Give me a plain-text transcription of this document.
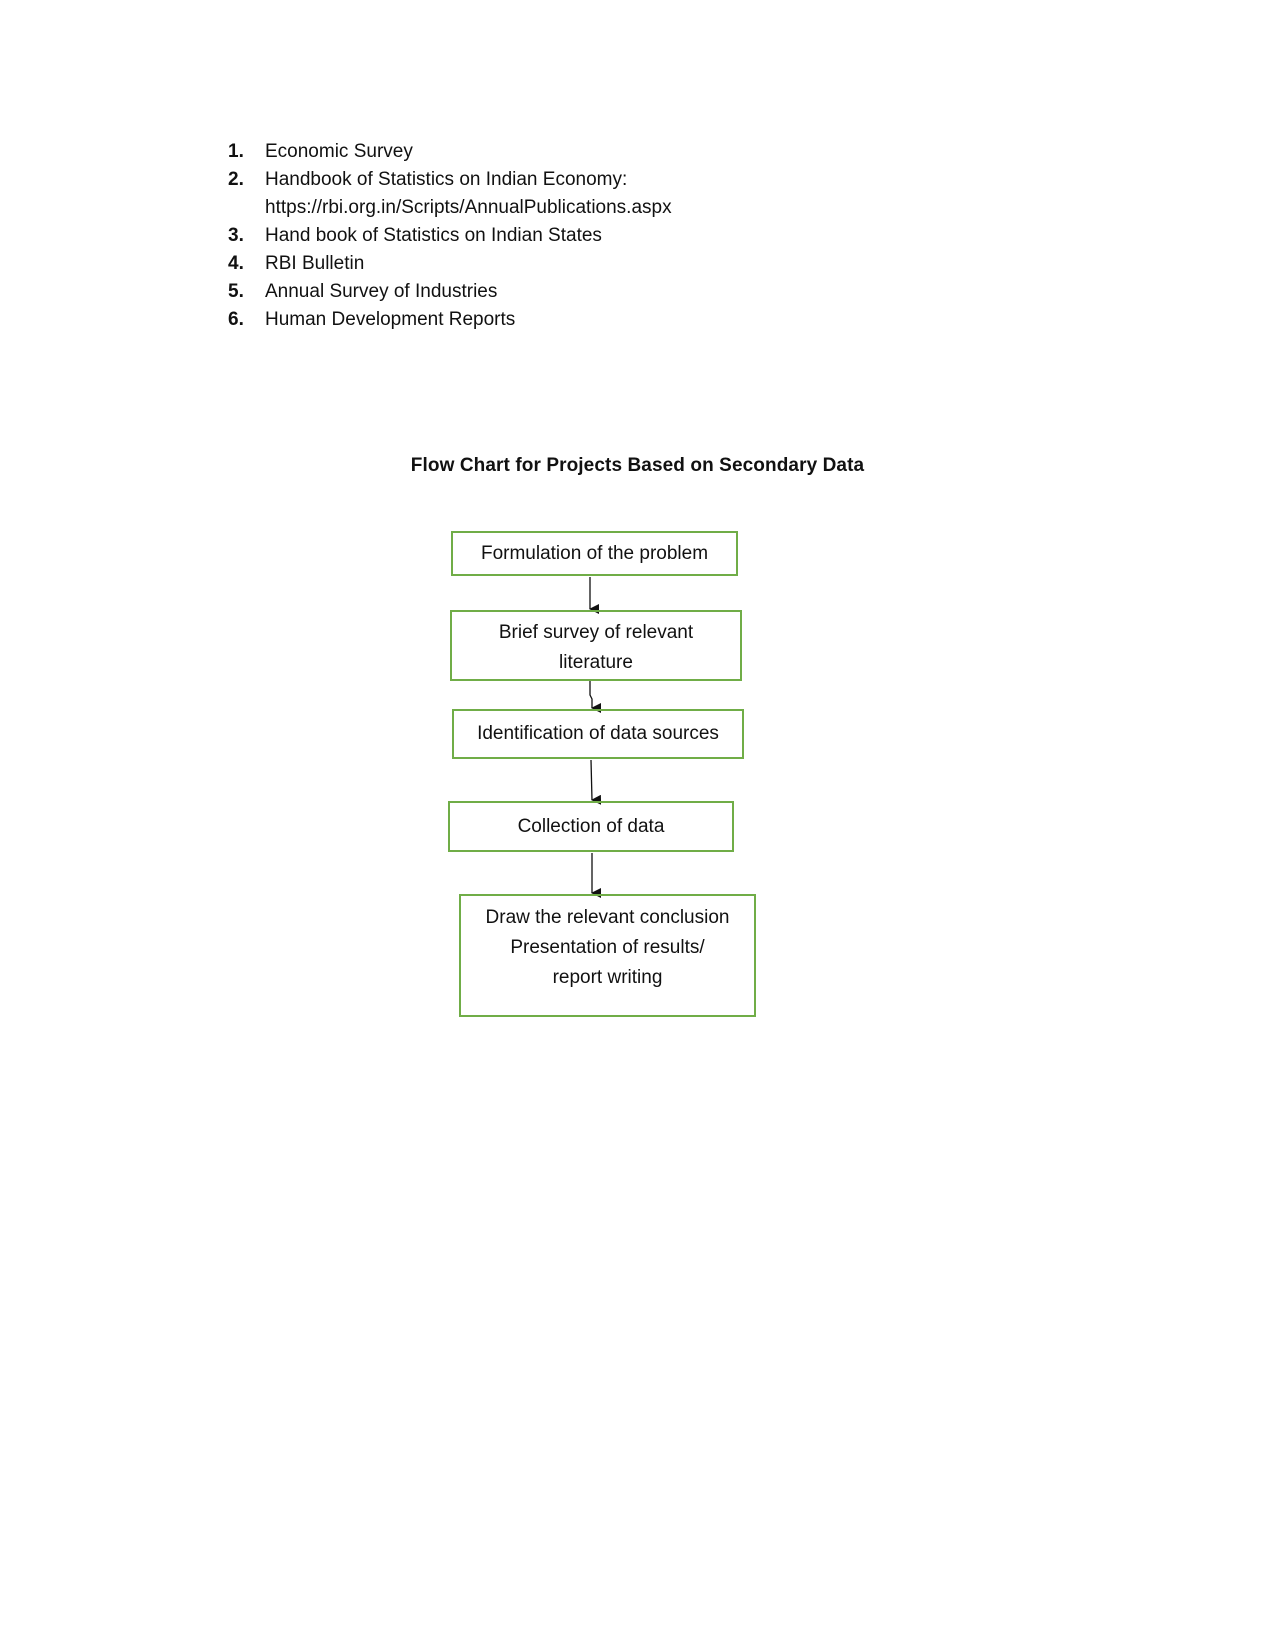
1.	Economic Survey
2.	Handbook of Statistics on Indian Economy:
https://rbi.org.in/Scripts/AnnualPublications.aspx
3.	Hand book of Statistics on Indian States
4.	RBI Bulletin
5.	Annual Survey of Industries
6.	Human Development Reports
Flow Chart for Projects Based on Secondary Data
Formulation of the problem
Brief survey of relevant
literature
Identification of data sources
Collection of data
Draw the relevant conclusion
Presentation of results/
report writing
